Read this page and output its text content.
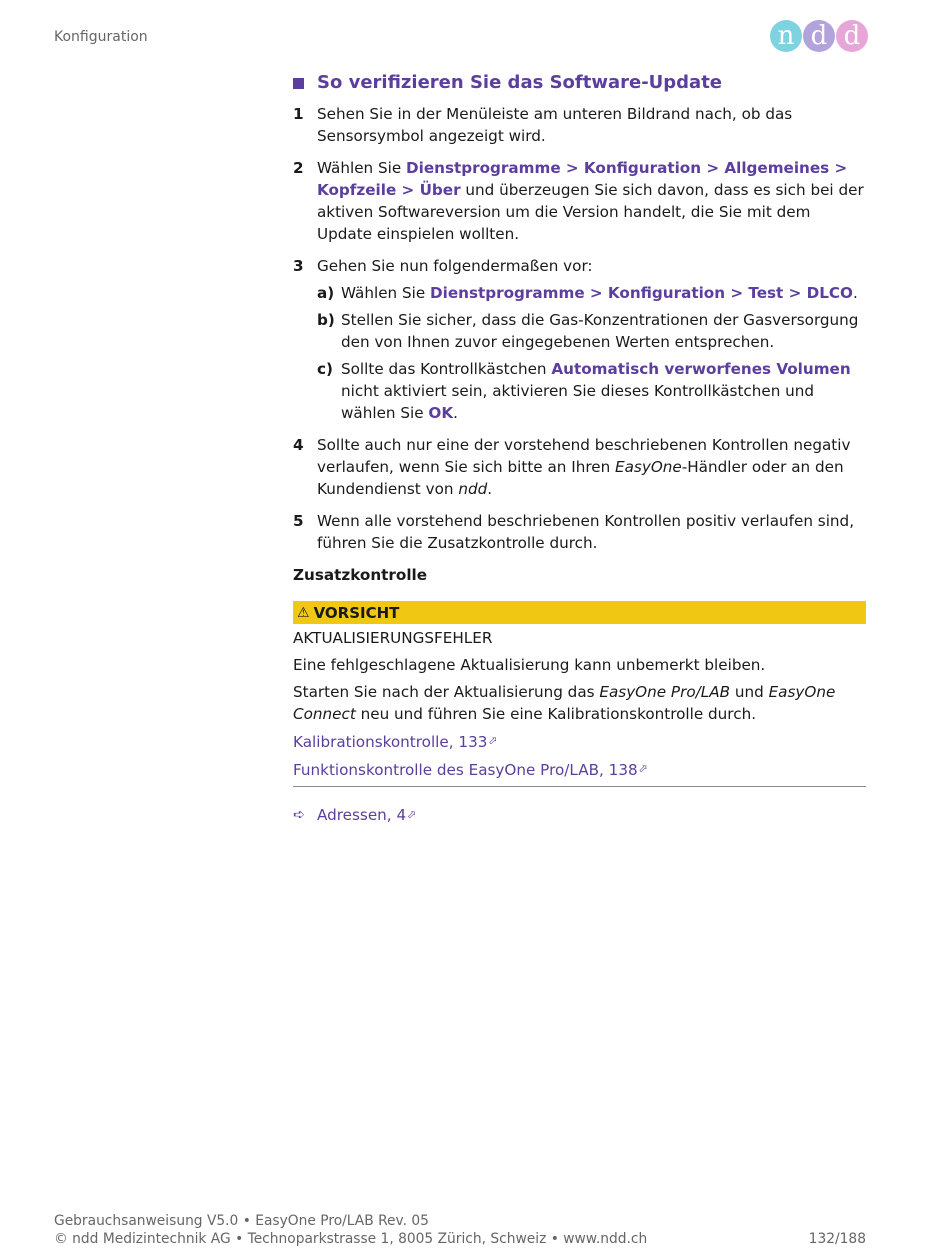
Konfiguration	n d d
So verifizieren Sie das Software-Update
1 Sehen Sie in der Menüleiste am unteren Bildrand nach, ob das Sensorsymbol angezeigt wird.
2 Wählen Sie Dienstprogramme > Konfiguration > Allgemeines > Kopfzeile > Über und überzeugen Sie sich davon, dass es sich bei der aktiven Softwareversion um die Version handelt, die Sie mit dem Update einspielen wollten.
3 Gehen Sie nun folgendermaßen vor:
a) Wählen Sie Dienstprogramme > Konfiguration > Test > DLCO.
b) Stellen Sie sicher, dass die Gas-Konzentrationen der Gasversorgung den von Ihnen zuvor eingegebenen Werten entsprechen.
c) Sollte das Kontrollkästchen Automatisch verworfenes Volumen nicht aktiviert sein, aktivieren Sie dieses Kontrollkästchen und wählen Sie OK.
4 Sollte auch nur eine der vorstehend beschriebenen Kontrollen negativ verlaufen, wenn Sie sich bitte an Ihren EasyOne-Händler oder an den Kundendienst von ndd.
5 Wenn alle vorstehend beschriebenen Kontrollen positiv verlaufen sind, führen Sie die Zusatzkontrolle durch.
Zusatzkontrolle
⚠ VORSICHT
AKTUALISIERUNGSFEHLER
Eine fehlgeschlagene Aktualisierung kann unbemerkt bleiben.
Starten Sie nach der Aktualisierung das EasyOne Pro/LAB und EasyOne Connect neu und führen Sie eine Kalibrationskontrolle durch.
Kalibrationskontrolle, 133⬀
Funktionskontrolle des EasyOne Pro/LAB, 138⬀
➪ Adressen, 4 ⬀
Gebrauchsanweisung V5.0 • EasyOne Pro/LAB Rev. 05
© ndd Medizintechnik AG • Technoparkstrasse 1, 8005 Zürich, Schweiz • www.ndd.ch	132/188
